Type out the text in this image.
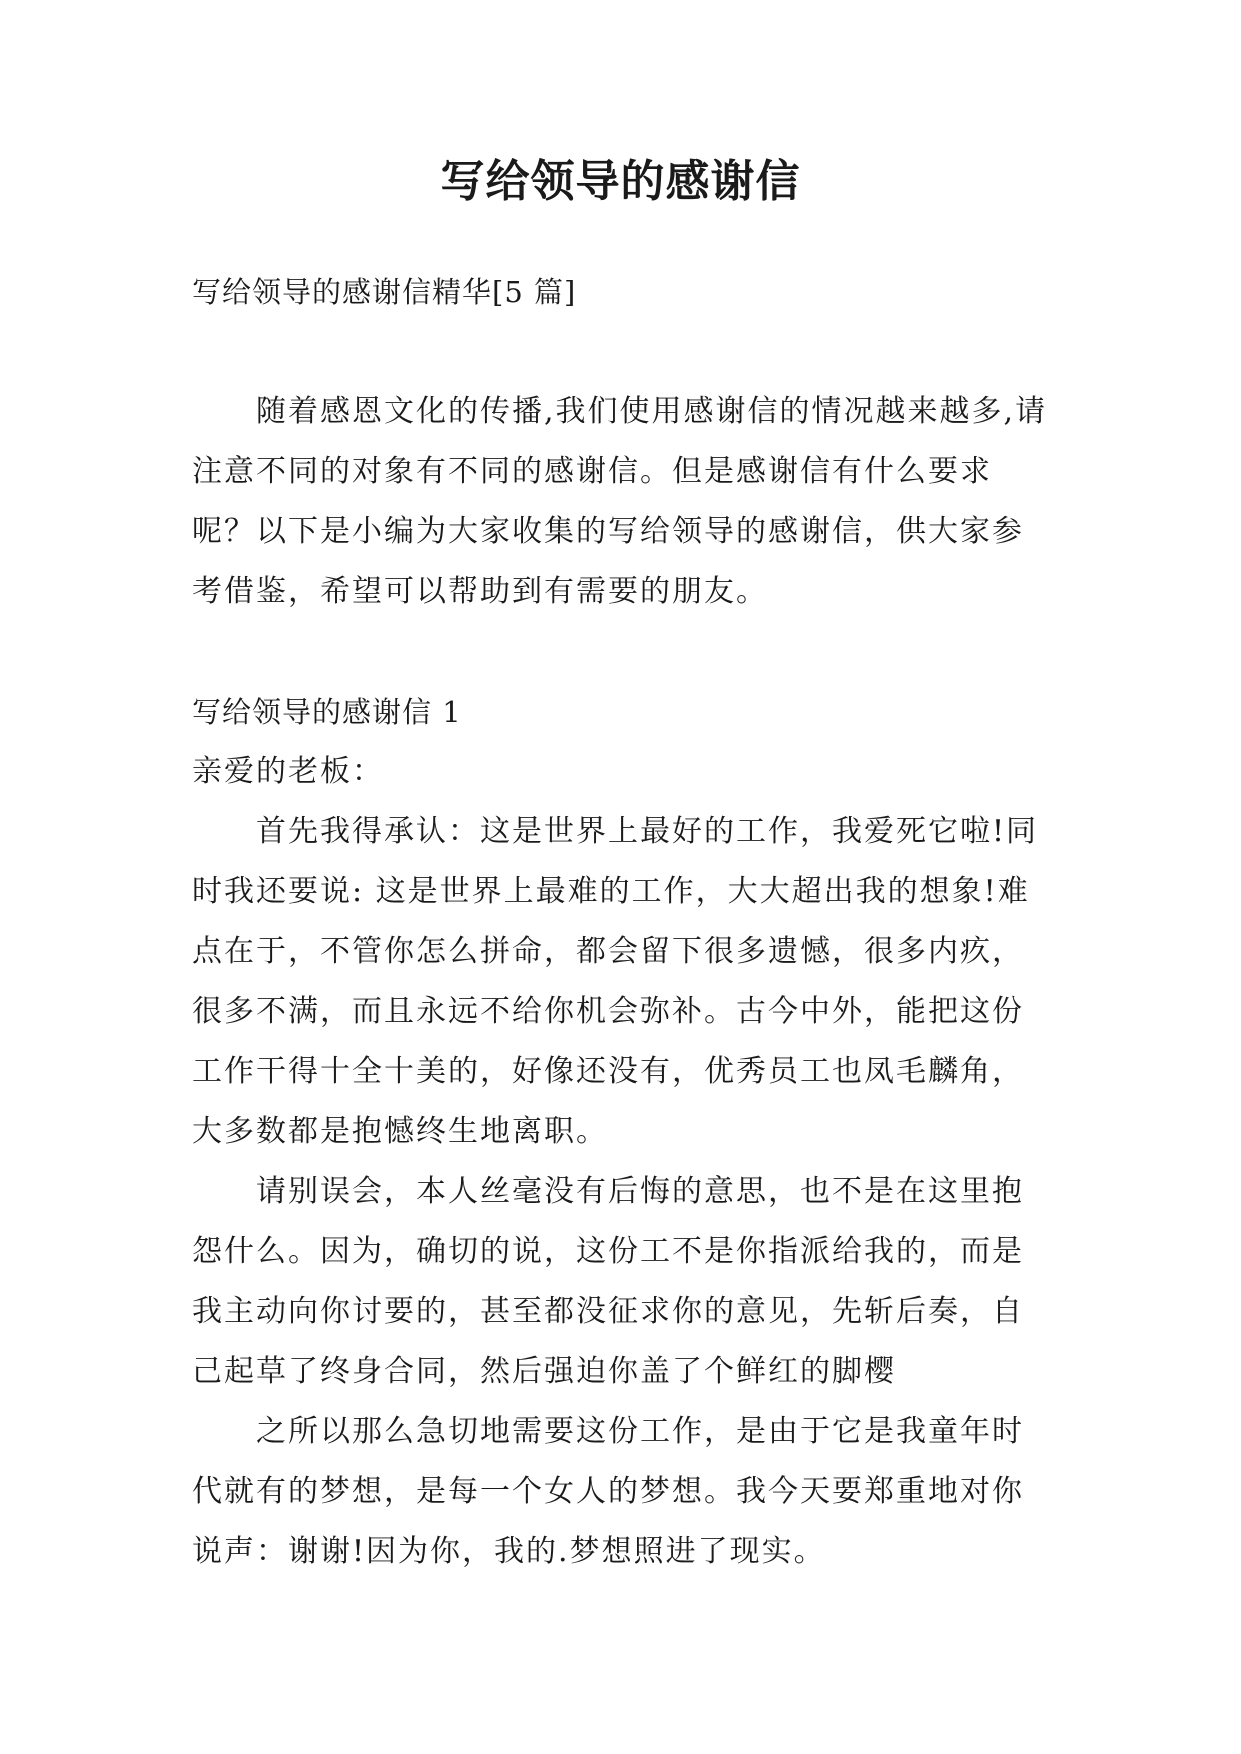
写给领导的感谢信

写给领导的感谢信精华[5 篇]

随着感恩文化的传播,我们使用感谢信的情况越来越多,请注意不同的对象有不同的感谢信。但是感谢信有什么要求呢？以下是小编为大家收集的写给领导的感谢信，供大家参考借鉴，希望可以帮助到有需要的朋友。

写给领导的感谢信 1

亲爱的老板：

首先我得承认：这是世界上最好的工作，我爱死它啦!同时我还要说: 这是世界上最难的工作，大大超出我的想象!难点在于，不管你怎么拼命，都会留下很多遗憾，很多内疚，很多不满，而且永远不给你机会弥补。古今中外，能把这份工作干得十全十美的，好像还没有，优秀员工也凤毛麟角，大多数都是抱憾终生地离职。

请别误会，本人丝毫没有后悔的意思，也不是在这里抱怨什么。因为，确切的说，这份工不是你指派给我的，而是我主动向你讨要的，甚至都没征求你的意见，先斩后奏，自己起草了终身合同，然后强迫你盖了个鲜红的脚樱

之所以那么急切地需要这份工作，是由于它是我童年时代就有的梦想，是每一个女人的梦想。我今天要郑重地对你说声：谢谢!因为你，我的.梦想照进了现实。
